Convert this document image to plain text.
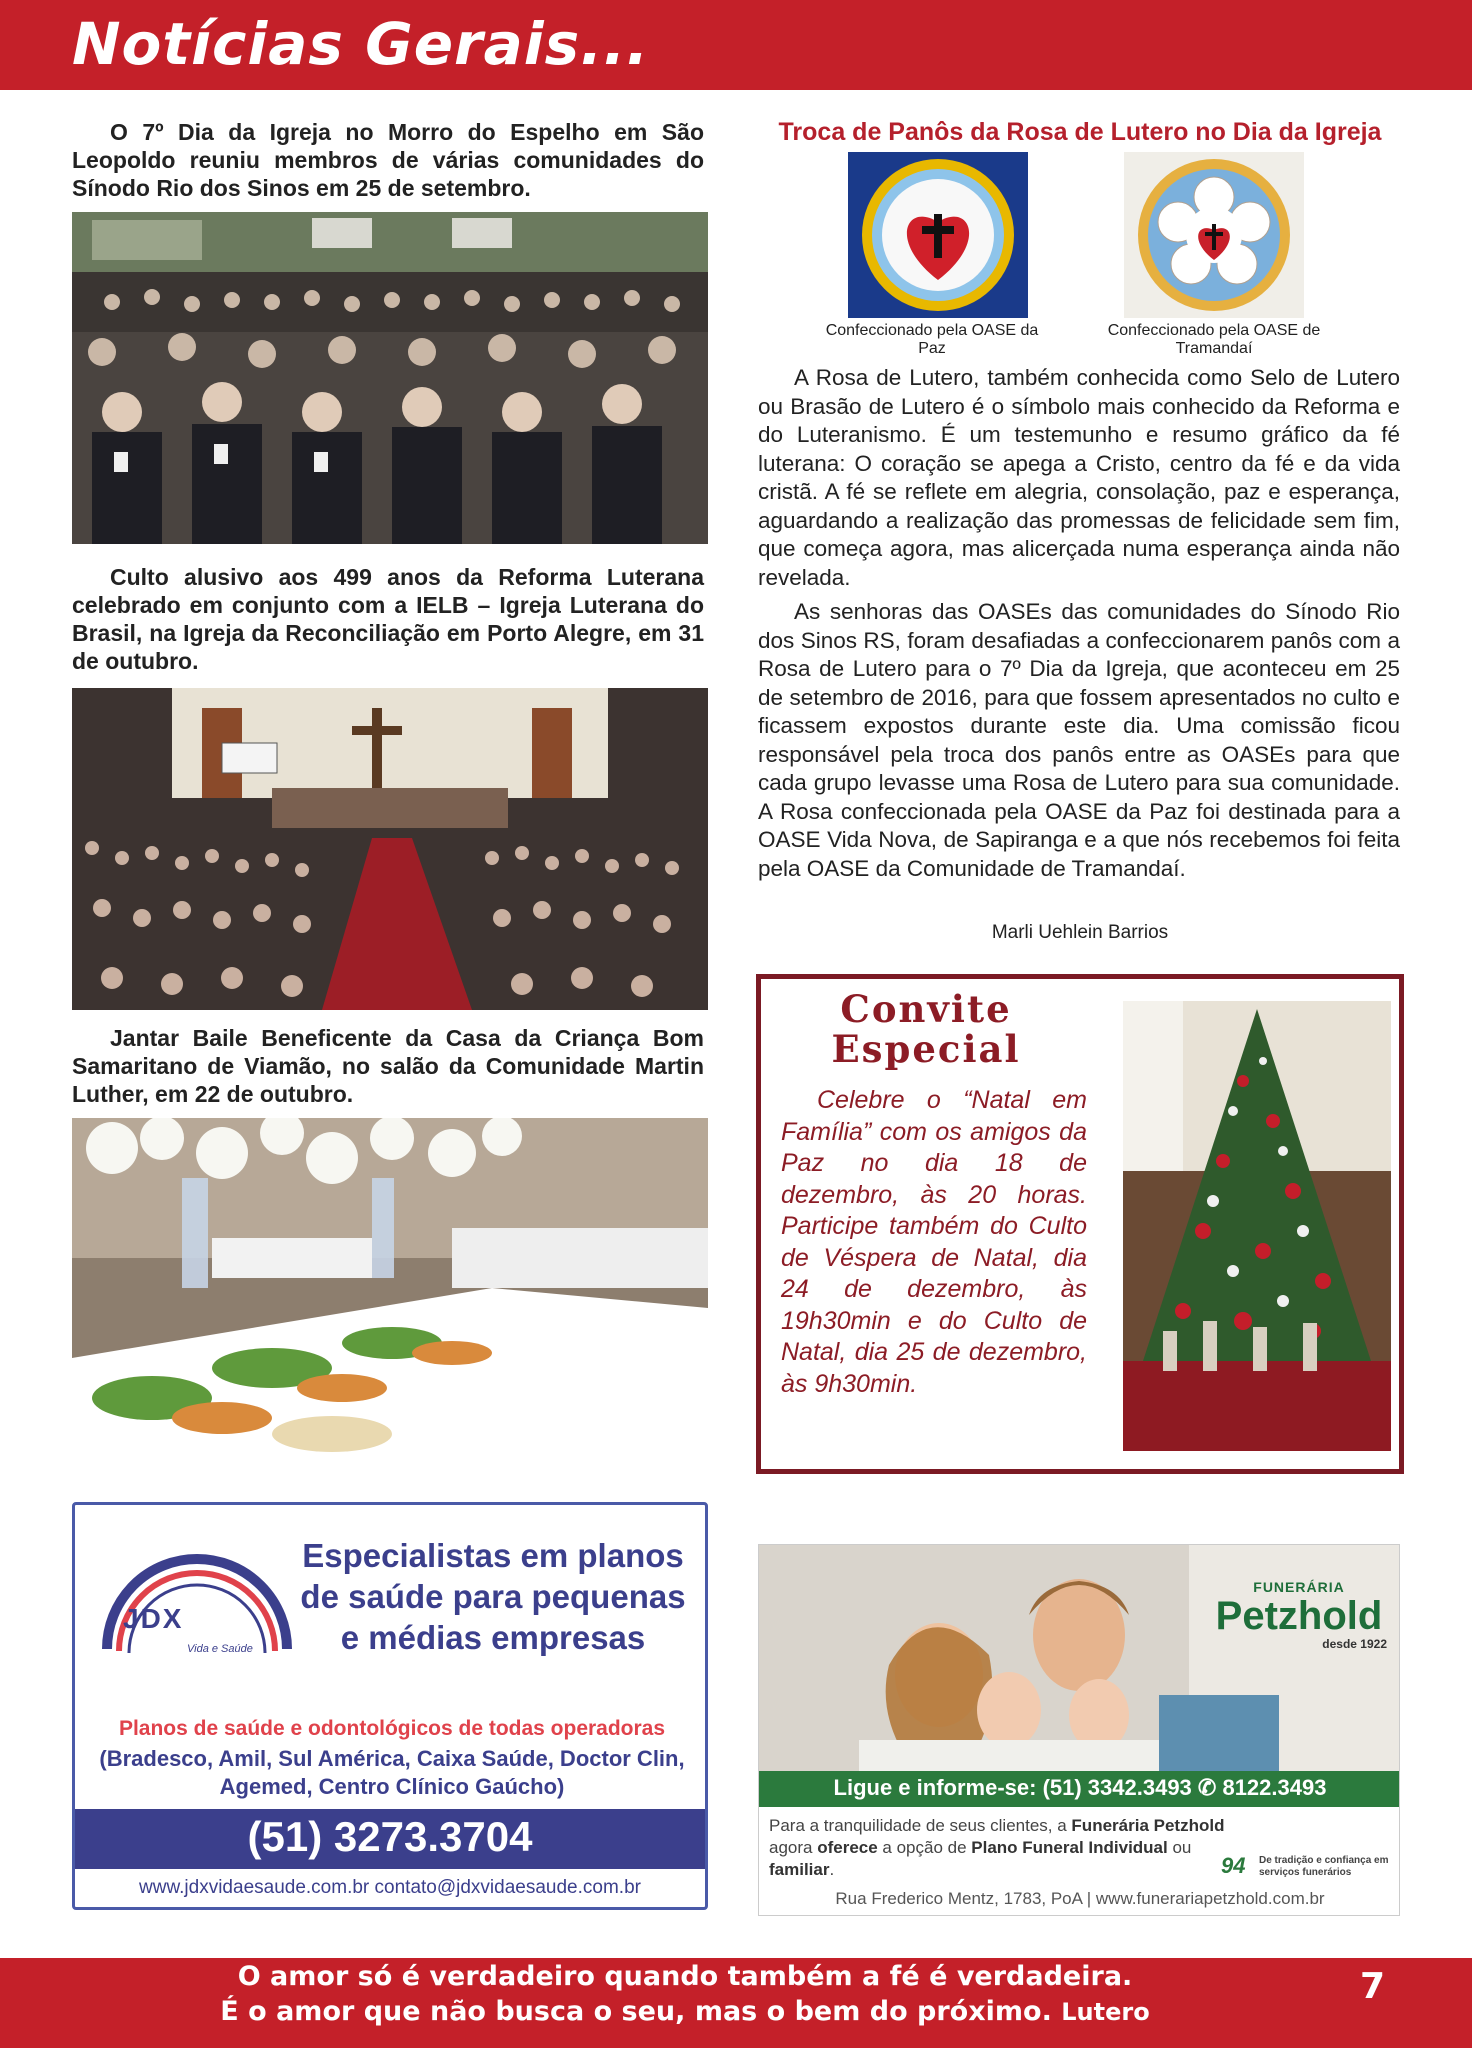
Notícias Gerais...
O 7º Dia da Igreja no Morro do Espelho em São Leopoldo reuniu membros de várias comunidades do Sínodo Rio dos Sinos em 25 de setembro.
Culto alusivo aos 499 anos da Reforma Luterana celebrado em conjunto com a IELB – Igreja Luterana do Brasil, na Igreja da Reconciliação em Porto Alegre, em 31 de outubro.
Jantar Baile Beneficente da Casa da Criança Bom Samaritano de Viamão, no salão da Comunidade Martin Luther, em 22 de outubro.
Troca de Panôs da Rosa de Lutero no Dia da Igreja
Confeccionado pela OASE da Paz
Confeccionado pela OASE de Tramandaí

A Rosa de Lutero, também conhecida como Selo de Lutero ou Brasão de Lutero é o símbolo mais conhecido da Reforma e do Luteranismo. É um testemunho e resumo gráfico da fé luterana: O coração se apega a Cristo, centro da fé e da vida cristã. A fé se reflete em alegria, consolação, paz e esperança, aguardando a realização das promessas de felicidade sem fim, que começa agora, mas alicerçada numa esperança ainda não revelada.

As senhoras das OASEs das comunidades do Sínodo Rio dos Sinos RS, foram desafiadas a confeccionarem panôs com a Rosa de Lutero para o 7º Dia da Igreja, que aconteceu em 25 de setembro de 2016, para que fossem apresentados no culto e ficassem expostos durante este dia. Uma comissão ficou responsável pela troca dos panôs entre as OASEs para que cada grupo levasse uma Rosa de Lutero para sua comunidade. A Rosa confeccionada pela OASE da Paz foi destinada para a OASE Vida Nova, de Sapiranga e a que nós recebemos foi feita pela OASE da Comunidade de Tramandaí.

Marli Uehlein Barrios
Convite
Especial
Celebre o “Natal em Família” com os amigos da Paz no dia 18 de dezembro, às 20 horas. Participe também do Culto de Véspera de Natal, dia 24 de dezembro, às 19h30min e do Culto de Natal, dia 25 de dezembro, às 9h30min.
JDX
Vida e Saúde
Especialistas em planos de saúde para pequenas e médias empresas
Planos de saúde e odontológicos de todas operadoras
(Bradesco, Amil, Sul América, Caixa Saúde, Doctor Clin, Agemed, Centro Clínico Gaúcho)
(51) 3273.3704
www.jdxvidaesaude.com.br contato@jdxvidaesaude.com.br
FUNERÁRIA
Petzhold
desde 1922
Ligue e informe-se: (51) 3342.3493 ✆ 8122.3493
Para a tranquilidade de seus clientes, a Funerária Petzhold agora oferece a opção de Plano Funeral Individual ou familiar.	94 De tradição e confiança em serviços funerários
Rua Frederico Mentz, 1783, PoA | www.funerariapetzhold.com.br
O amor só é verdadeiro quando também a fé é verdadeira.
É o amor que não busca o seu, mas o bem do próximo. Lutero
7
